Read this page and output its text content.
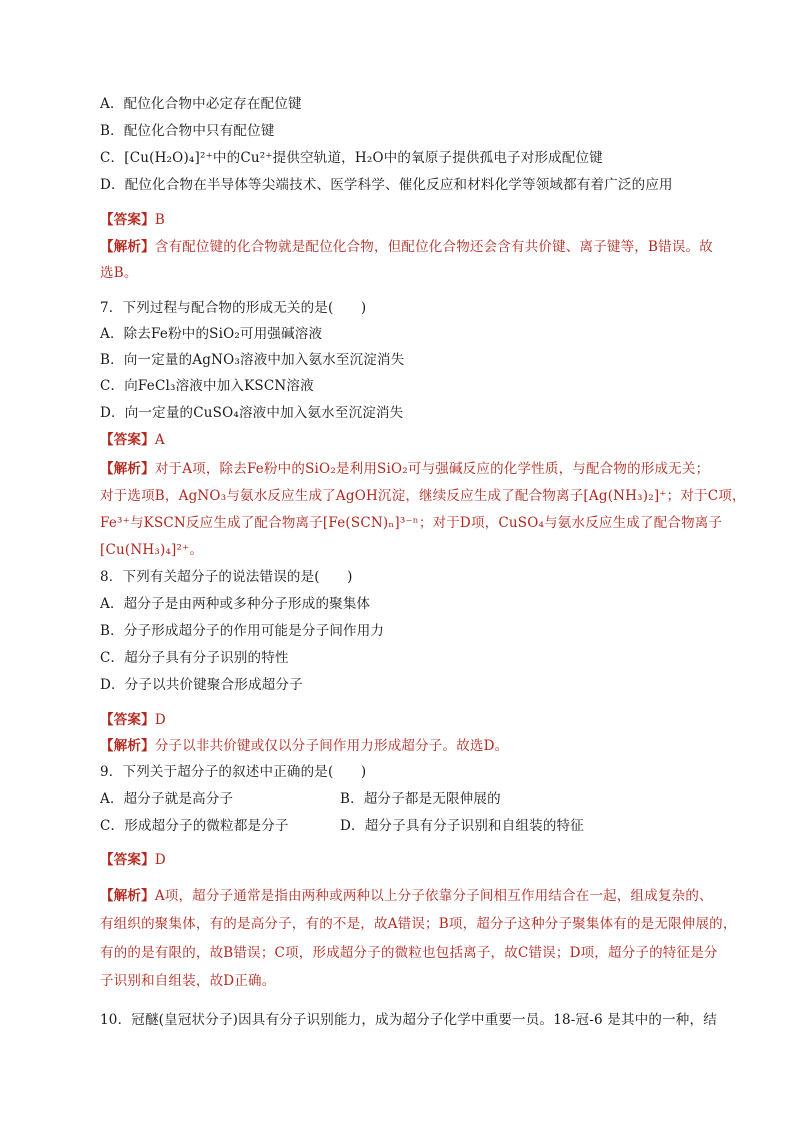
A．配位化合物中必定存在配位键
B．配位化合物中只有配位键
C．[Cu(H₂O)₄]²⁺中的Cu²⁺提供空轨道，H₂O中的氧原子提供孤电子对形成配位键
D．配位化合物在半导体等尖端技术、医学科学、催化反应和材料化学等领域都有着广泛的应用
【答案】B
【解析】含有配位键的化合物就是配位化合物，但配位化合物还会含有共价键、离子键等，B错误。故
选B。
7．下列过程与配合物的形成无关的是(　　)
A．除去Fe粉中的SiO₂可用强碱溶液
B．向一定量的AgNO₃溶液中加入氨水至沉淀消失
C．向FeCl₃溶液中加入KSCN溶液
D．向一定量的CuSO₄溶液中加入氨水至沉淀消失
【答案】A
【解析】对于A项，除去Fe粉中的SiO₂是利用SiO₂可与强碱反应的化学性质，与配合物的形成无关；
对于选项B，AgNO₃与氨水反应生成了AgOH沉淀，继续反应生成了配合物离子[Ag(NH₃)₂]⁺；对于C项，
Fe³⁺与KSCN反应生成了配合物离子[Fe(SCN)ₙ]³⁻ⁿ；对于D项，CuSO₄与氨水反应生成了配合物离子
[Cu(NH₃)₄]²⁺。
8．下列有关超分子的说法错误的是(　　)
A．超分子是由两种或多种分子形成的聚集体
B．分子形成超分子的作用可能是分子间作用力
C．超分子具有分子识别的特性
D．分子以共价键聚合形成超分子
【答案】D
【解析】分子以非共价键或仅以分子间作用力形成超分子。故选D。
9．下列关于超分子的叙述中正确的是(　　)
A．超分子就是高分子	B．超分子都是无限伸展的
C．形成超分子的微粒都是分子	D．超分子具有分子识别和自组装的特征
【答案】D
【解析】A项，超分子通常是指由两种或两种以上分子依靠分子间相互作用结合在一起，组成复杂的、
有组织的聚集体，有的是高分子，有的不是，故A错误；B项，超分子这种分子聚集体有的是无限伸展的，
有的的是有限的，故B错误；C项，形成超分子的微粒也包括离子，故C错误；D项，超分子的特征是分
子识别和自组装，故D正确。
10．冠醚(皇冠状分子)因具有分子识别能力，成为超分子化学中重要一员。18-冠-6 是其中的一种，结
